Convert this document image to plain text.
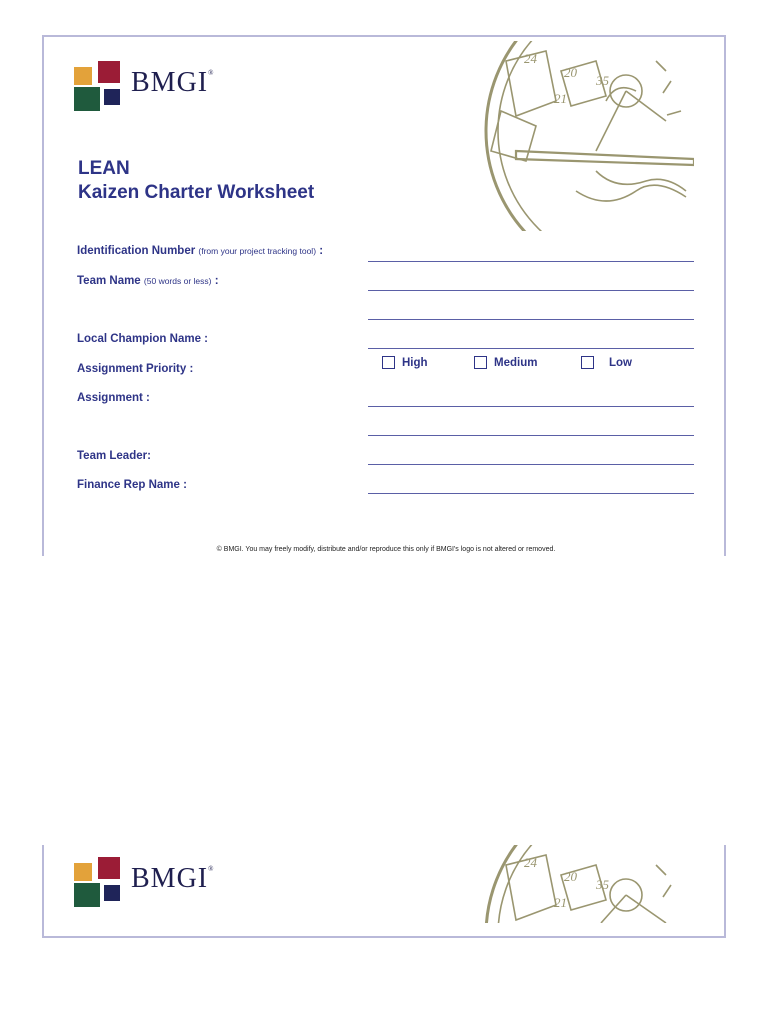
BMGI®
24
20
35
21
LEAN
Kaizen Charter Worksheet
Identification Number (from your project tracking tool) :
Team Name (50 words or less) :
Local Champion Name :
Assignment Priority :
High	Medium	Low
Assignment :
Team Leader:
Finance Rep Name :
© BMGI. You may freely modify, distribute and/or reproduce this only if BMGI's logo is not altered or removed.
BMGI®	24
20
35
21
